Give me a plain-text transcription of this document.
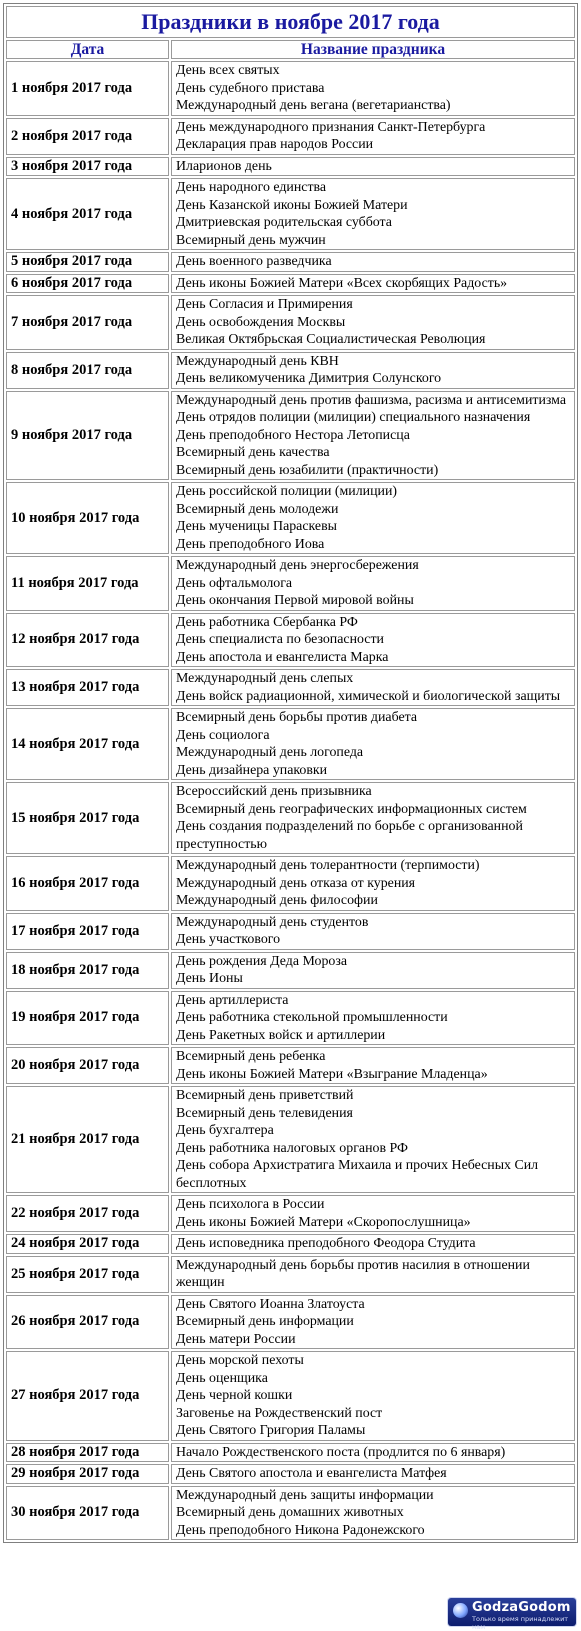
Праздники в ноябре 2017 года	
Дата	Название праздника
1 ноября 2017 года	День всех святых
День судебного пристава
Международный день вегана (вегетарианства)

2 ноября 2017 года	День международного признания Санкт-Петербурга
Декларация прав народов России

3 ноября 2017 года	Иларионов день

4 ноября 2017 года	День народного единства
День Казанской иконы Божией Матери
Дмитриевская родительская суббота
Всемирный день мужчин

5 ноября 2017 года	День военного разведчика

6 ноября 2017 года	День иконы Божией Матери «Всех скорбящих Радость»

7 ноября 2017 года	День Согласия и Примирения
День освобождения Москвы
Великая Октябрьская Социалистическая Революция

8 ноября 2017 года	Международный день КВН
День великомученика Димитрия Солунского

9 ноября 2017 года	Международный день против фашизма, расизма и антисемитизма
День отрядов полиции (милиции) специального назначения
День преподобного Нестора Летописца
Всемирный день качества
Всемирный день юзабилити (практичности)

10 ноября 2017 года	День российской полиции (милиции)
Всемирный день молодежи
День мученицы Параскевы
День преподобного Иова

11 ноября 2017 года	Международный день энергосбережения
День офтальмолога
День окончания Первой мировой войны

12 ноября 2017 года	День работника Сбербанка РФ
День специалиста по безопасности
День апостола и евангелиста Марка

13 ноября 2017 года	Международный день слепых
День войск радиационной, химической и биологической защиты

14 ноября 2017 года	Всемирный день борьбы против диабета
День социолога
Международный день логопеда
День дизайнера упаковки

15 ноября 2017 года	Всероссийский день призывника
Всемирный день географических информационных систем
День создания подразделений по борьбе с организованной преступностью

16 ноября 2017 года	Международный день толерантности (терпимости)
Международный день отказа от курения
Международный день философии

17 ноября 2017 года	Международный день студентов
День участкового

18 ноября 2017 года	День рождения Деда Мороза
День Ионы

19 ноября 2017 года	День артиллериста
День работника стекольной промышленности
День Ракетных войск и артиллерии

20 ноября 2017 года	Всемирный день ребенка
День иконы Божией Матери «Взыграние Младенца»

21 ноября 2017 года	Всемирный день приветствий
Всемирный день телевидения
День бухгалтера
День работника налоговых органов РФ
День собора Архистратига Михаила и прочих Небесных Сил бесплотных

22 ноября 2017 года	День психолога в России
День иконы Божией Матери «Скоропослушница»

24 ноября 2017 года	День исповедника преподобного Феодора Студита

25 ноября 2017 года	Международный день борьбы против насилия в отношении женщин

26 ноября 2017 года	День Святого Иоанна Златоуста
Всемирный день информации
День матери России

27 ноября 2017 года	День морской пехоты
День оценщика
День черной кошки
Заговенье на Рождественский пост
День Святого Григория Паламы

28 ноября 2017 года	Начало Рождественского поста (продлится по 6 января)

29 ноября 2017 года	День Святого апостола и евангелиста Матфея

30 ноября 2017 года	Международный день защиты информации
Всемирный день домашних животных
День преподобного Никона Радонежского
GodzaGodom
Только время принадлежит нам
